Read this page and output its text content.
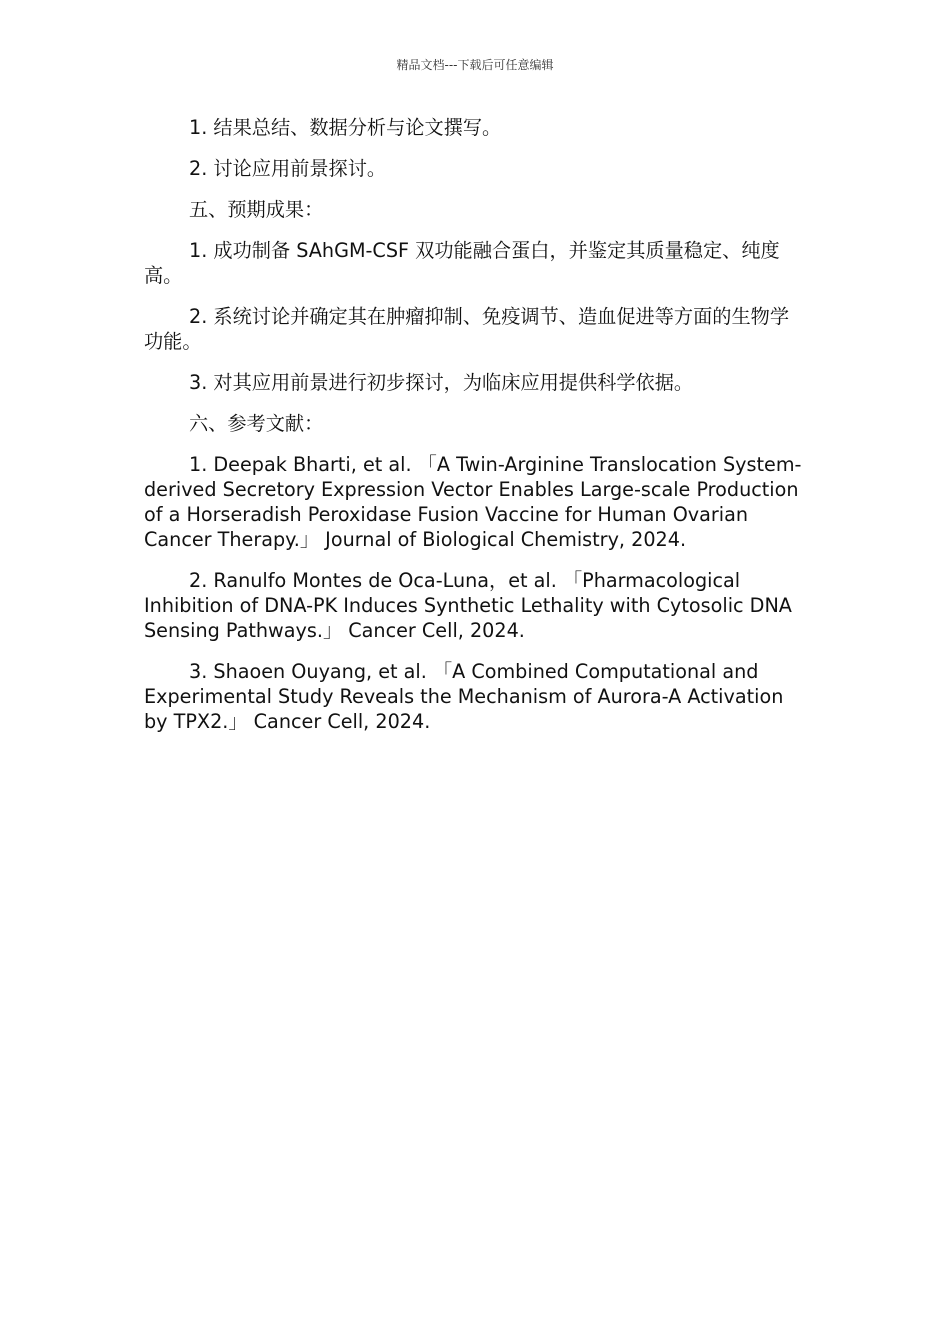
精品文档---下载后可任意编辑

1. 结果总结、数据分析与论文撰写。

2. 讨论应用前景探讨。

五、预期成果：

1. 成功制备 SAhGM-CSF 双功能融合蛋白，并鉴定其质量稳定、纯度高。

2. 系统讨论并确定其在肿瘤抑制、免疫调节、造血促进等方面的生物学功能。

3. 对其应用前景进行初步探讨，为临床应用提供科学依据。

六、参考文献：

1. Deepak Bharti, et al. 「A Twin-Arginine Translocation System-derived Secretory Expression Vector Enables Large-scale Production of a Horseradish Peroxidase Fusion Vaccine for Human Ovarian Cancer Therapy.」 Journal of Biological Chemistry, 2024.

2. Ranulfo Montes de Oca-Luna，et al. 「Pharmacological Inhibition of DNA-PK Induces Synthetic Lethality with Cytosolic DNA Sensing Pathways.」 Cancer Cell, 2024.

3. Shaoen Ouyang, et al. 「A Combined Computational and Experimental Study Reveals the Mechanism of Aurora-A Activation by TPX2.」 Cancer Cell, 2024.
